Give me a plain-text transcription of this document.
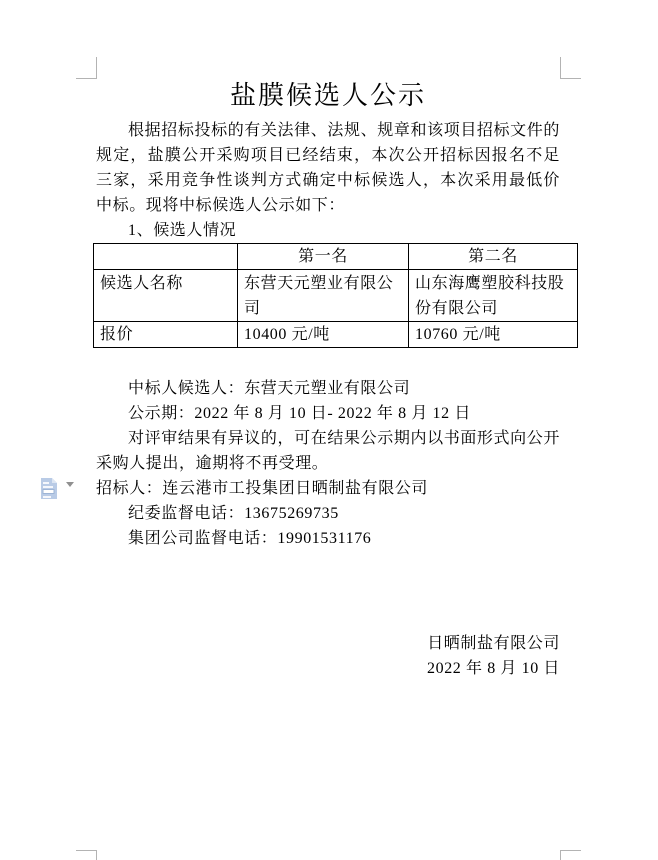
盐膜候选人公示

根据招标投标的有关法律、法规、规章和该项目招标文件的规定，盐膜公开采购项目已经结束，本次公开招标因报名不足三家，采用竞争性谈判方式确定中标候选人，本次采用最低价中标。现将中标候选人公示如下：

1、候选人情况

	第一名	第二名
候选人名称	东营天元塑业有限公司	山东海鹰塑胶科技股份有限公司
报价	10400 元/吨	10760 元/吨

中标人候选人：东营天元塑业有限公司

公示期：2022 年 8 月 10 日- 2022 年 8 月 12 日

对评审结果有异议的，可在结果公示期内以书面形式向公开采购人提出，逾期将不再受理。

招标人：连云港市工投集团日晒制盐有限公司

纪委监督电话：13675269735

集团公司监督电话：19901531176

日晒制盐有限公司

2022 年 8 月 10 日
